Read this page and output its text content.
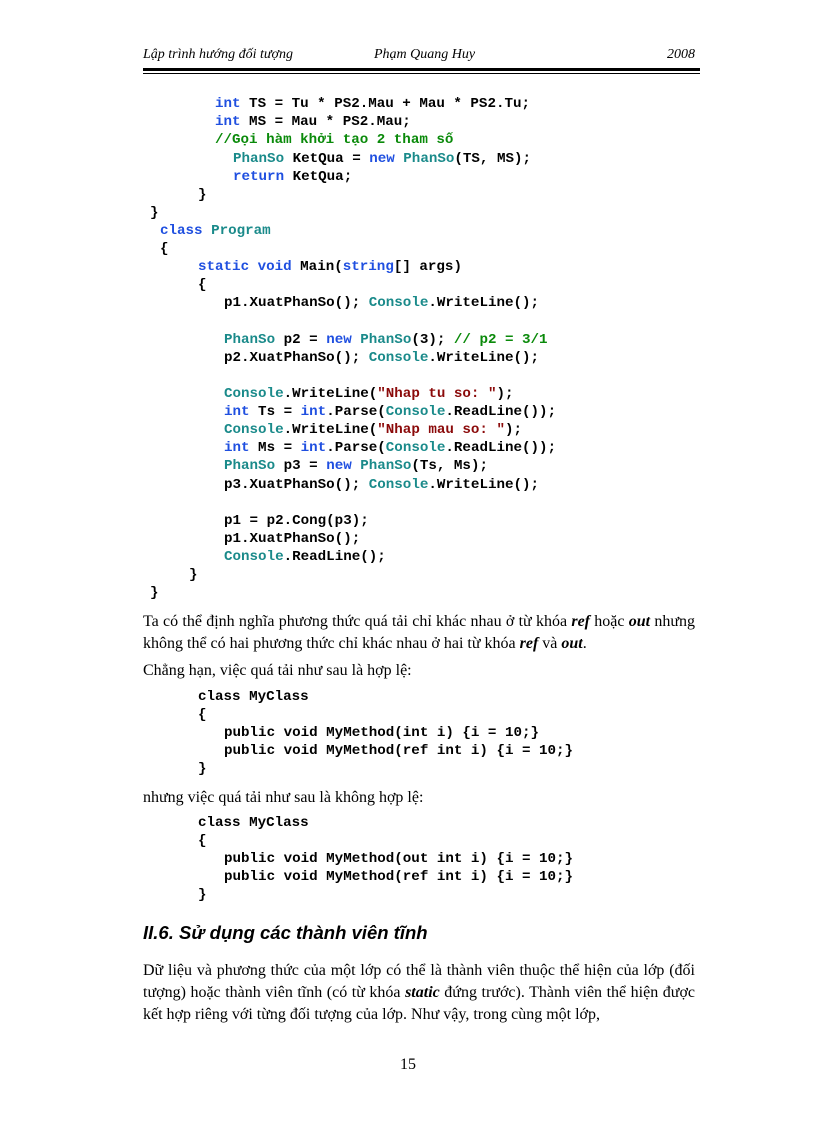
Lập trình hướng đối tượng	Phạm Quang Huy	2008
int TS = Tu * PS2.Mau + Mau * PS2.Tu;
int MS = Mau * PS2.Mau;
//Gọi hàm khởi tạo 2 tham số
PhanSo KetQua = new PhanSo(TS, MS);
return KetQua;
}
}
class Program
{
static void Main(string[] args)
{
p1.XuatPhanSo(); Console.WriteLine();
PhanSo p2 = new PhanSo(3); // p2 = 3/1
p2.XuatPhanSo(); Console.WriteLine();
Console.WriteLine("Nhap tu so: ");
int Ts = int.Parse(Console.ReadLine());
Console.WriteLine("Nhap mau so: ");
int Ms = int.Parse(Console.ReadLine());
PhanSo p3 = new PhanSo(Ts, Ms);
p3.XuatPhanSo(); Console.WriteLine();
p1 = p2.Cong(p3);
p1.XuatPhanSo();
Console.ReadLine();
}
}
Ta có thể định nghĩa phương thức quá tải chỉ khác nhau ở từ khóa ref hoặc out nhưng không thể có hai phương thức chỉ khác nhau ở hai từ khóa ref và out.
Chẳng hạn, việc quá tải như sau là hợp lệ:
class MyClass
{
public void MyMethod(int i) {i = 10;}
public void MyMethod(ref int i) {i = 10;}
}
nhưng việc quá tải như sau là không hợp lệ:
class MyClass
{
public void MyMethod(out int i) {i = 10;}
public void MyMethod(ref int i) {i = 10;}
}
II.6. Sử dụng các thành viên tĩnh
Dữ liệu và phương thức của một lớp có thể là thành viên thuộc thể hiện của lớp (đối tượng) hoặc thành viên tĩnh (có từ khóa static đứng trước). Thành viên thể hiện được kết hợp riêng với từng đối tượng của lớp. Như vậy, trong cùng một lớp,
15
